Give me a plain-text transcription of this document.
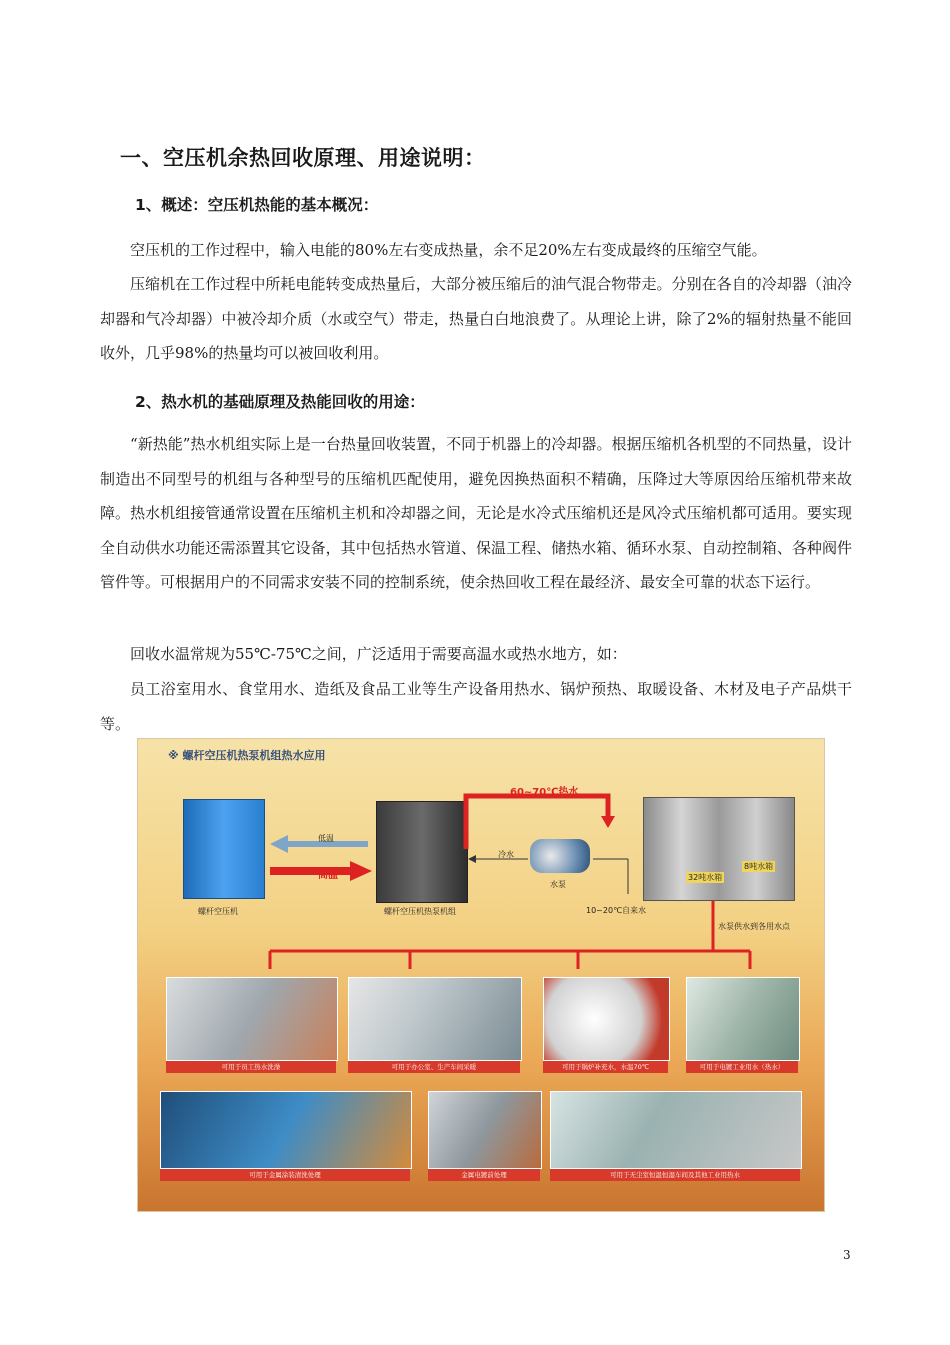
一、空压机余热回收原理、用途说明：
1、概述：空压机热能的基本概况：

空压机的工作过程中，输入电能的80%左右变成热量，余不足20%左右变成最终的压缩空气能。

压缩机在工作过程中所耗电能转变成热量后，大部分被压缩后的油气混合物带走。分别在各自的冷却器（油冷却器和气冷却器）中被冷却介质（水或空气）带走，热量白白地浪费了。从理论上讲，除了2%的辐射热量不能回收外，几乎98%的热量均可以被回收利用。

2、热水机的基础原理及热能回收的用途：

“新热能”热水机组实际上是一台热量回收装置，不同于机器上的冷却器。根据压缩机各机型的不同热量，设计制造出不同型号的机组与各种型号的压缩机匹配使用，避免因换热面积不精确，压降过大等原因给压缩机带来故障。热水机组接管通常设置在压缩机主机和冷却器之间，无论是水冷式压缩机还是风冷式压缩机都可适用。要实现全自动供水功能还需添置其它设备，其中包括热水管道、保温工程、储热水箱、循环水泵、自动控制箱、各种阀件管件等。可根据用户的不同需求安装不同的控制系统，使余热回收工程在最经济、最安全可靠的状态下运行。

回收水温常规为55℃-75℃之间，广泛适用于需要高温水或热水地方，如：

员工浴室用水、食堂用水、造纸及食品工业等生产设备用热水、锅炉预热、取暖设备、木材及电子产品烘干等。

※ 螺杆空压机热泵机组热水应用
螺杆空压机
低温
高温
螺杆空压机热泵机组
60~70℃热水
冷水
水泵
10~20℃自来水
32吨水箱
8吨水箱
水泵供水到各用水点
可用于员工热水洗澡	可用于办公室、生产车间采暖	可用于锅炉补充水，水温70℃	可用于电镀工业用水（热水）
可用于金属涂装清洗处理	金属电镀前处理	可用于无尘室恒温恒湿车间及其他工业用热水
3
